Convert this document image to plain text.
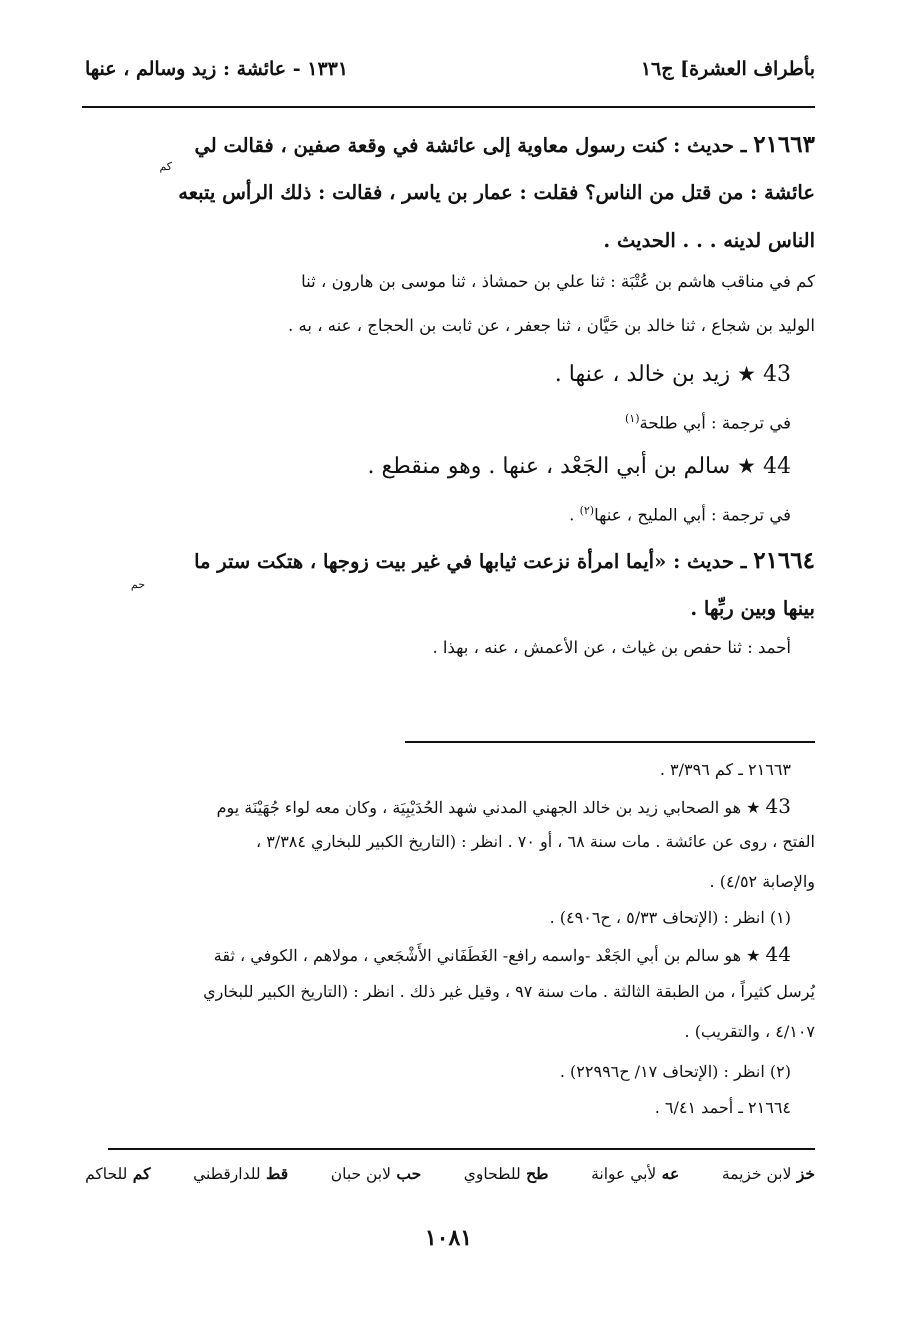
بأطراف العشرة] ج١٦
١٣٣١ - عائشة : زيد وسالم ، عنها
٢١٦٦٣ ـ حديث : كنت رسول معاوية إلى عائشة في وقعة صفين ، فقالت لي
كم
عائشة : من قتل من الناس؟ فقلت : عمار بن ياسر ، فقالت : ذلك الرأس يتبعه
الناس لدينه . . . الحديث .
كم في مناقب هاشم بن عُتْبَة : ثنا علي بن حمشاذ ، ثنا موسى بن هارون ، ثنا
الوليد بن شجاع ، ثنا خالد بن حَيَّان ، ثنا جعفر ، عن ثابت بن الحجاج ، عنه ، به .
43 ★ زيد بن خالد ، عنها .
في ترجمة : أبي طلحة$^{(١)}$
44 ★ سالم بن أبي الجَعْد ، عنها . وهو منقطع .
في ترجمة : أبي المليح ، عنها$^{(٢)}$ .
٢١٦٦٤ ـ حديث : «أيما امرأة نزعت ثيابها في غير بيت زوجها ، هتكت ستر ما
حم
بينها وبين ربِّها .
أحمد : ثنا حفص بن غياث ، عن الأعمش ، عنه ، بهذا .
٢١٦٦٣ ـ كم ٣/٣٩٦ .
43 ★ هو الصحابي زيد بن خالد الجهني المدني شهد الحُدَيْبِيَة ، وكان معه لواء جُهَيْنَة يوم
الفتح ، روى عن عائشة . مات سنة ٦٨ ، أو ٧٠ . انظر : (التاريخ الكبير للبخاري ٣/٣٨٤ ،
والإصابة ٤/٥٢) .
(١) انظر : (الإتحاف ٥/٣٣ ، ح٤٩٠٦) .
44 ★ هو سالم بن أبي الجَعْد -واسمه رافع- الغَطَفَاني الأَشْجَعي ، مولاهم ، الكوفي ، ثقة
يُرسل كثيراً ، من الطبقة الثالثة . مات سنة ٩٧ ، وقيل غير ذلك . انظر : (التاريخ الكبير للبخاري
٤/١٠٧ ، والتقريب) .
(٢) انظر : (الإتحاف ١٧/ ح٢٢٩٩٦) .
٢١٦٦٤ ـ أحمد ٦/٤١ .
خز لابن خزيمة
عه لأبي عوانة
طح للطحاوي
حب لابن حبان
قط للدارقطني
كم للحاكم
١٠٨١
